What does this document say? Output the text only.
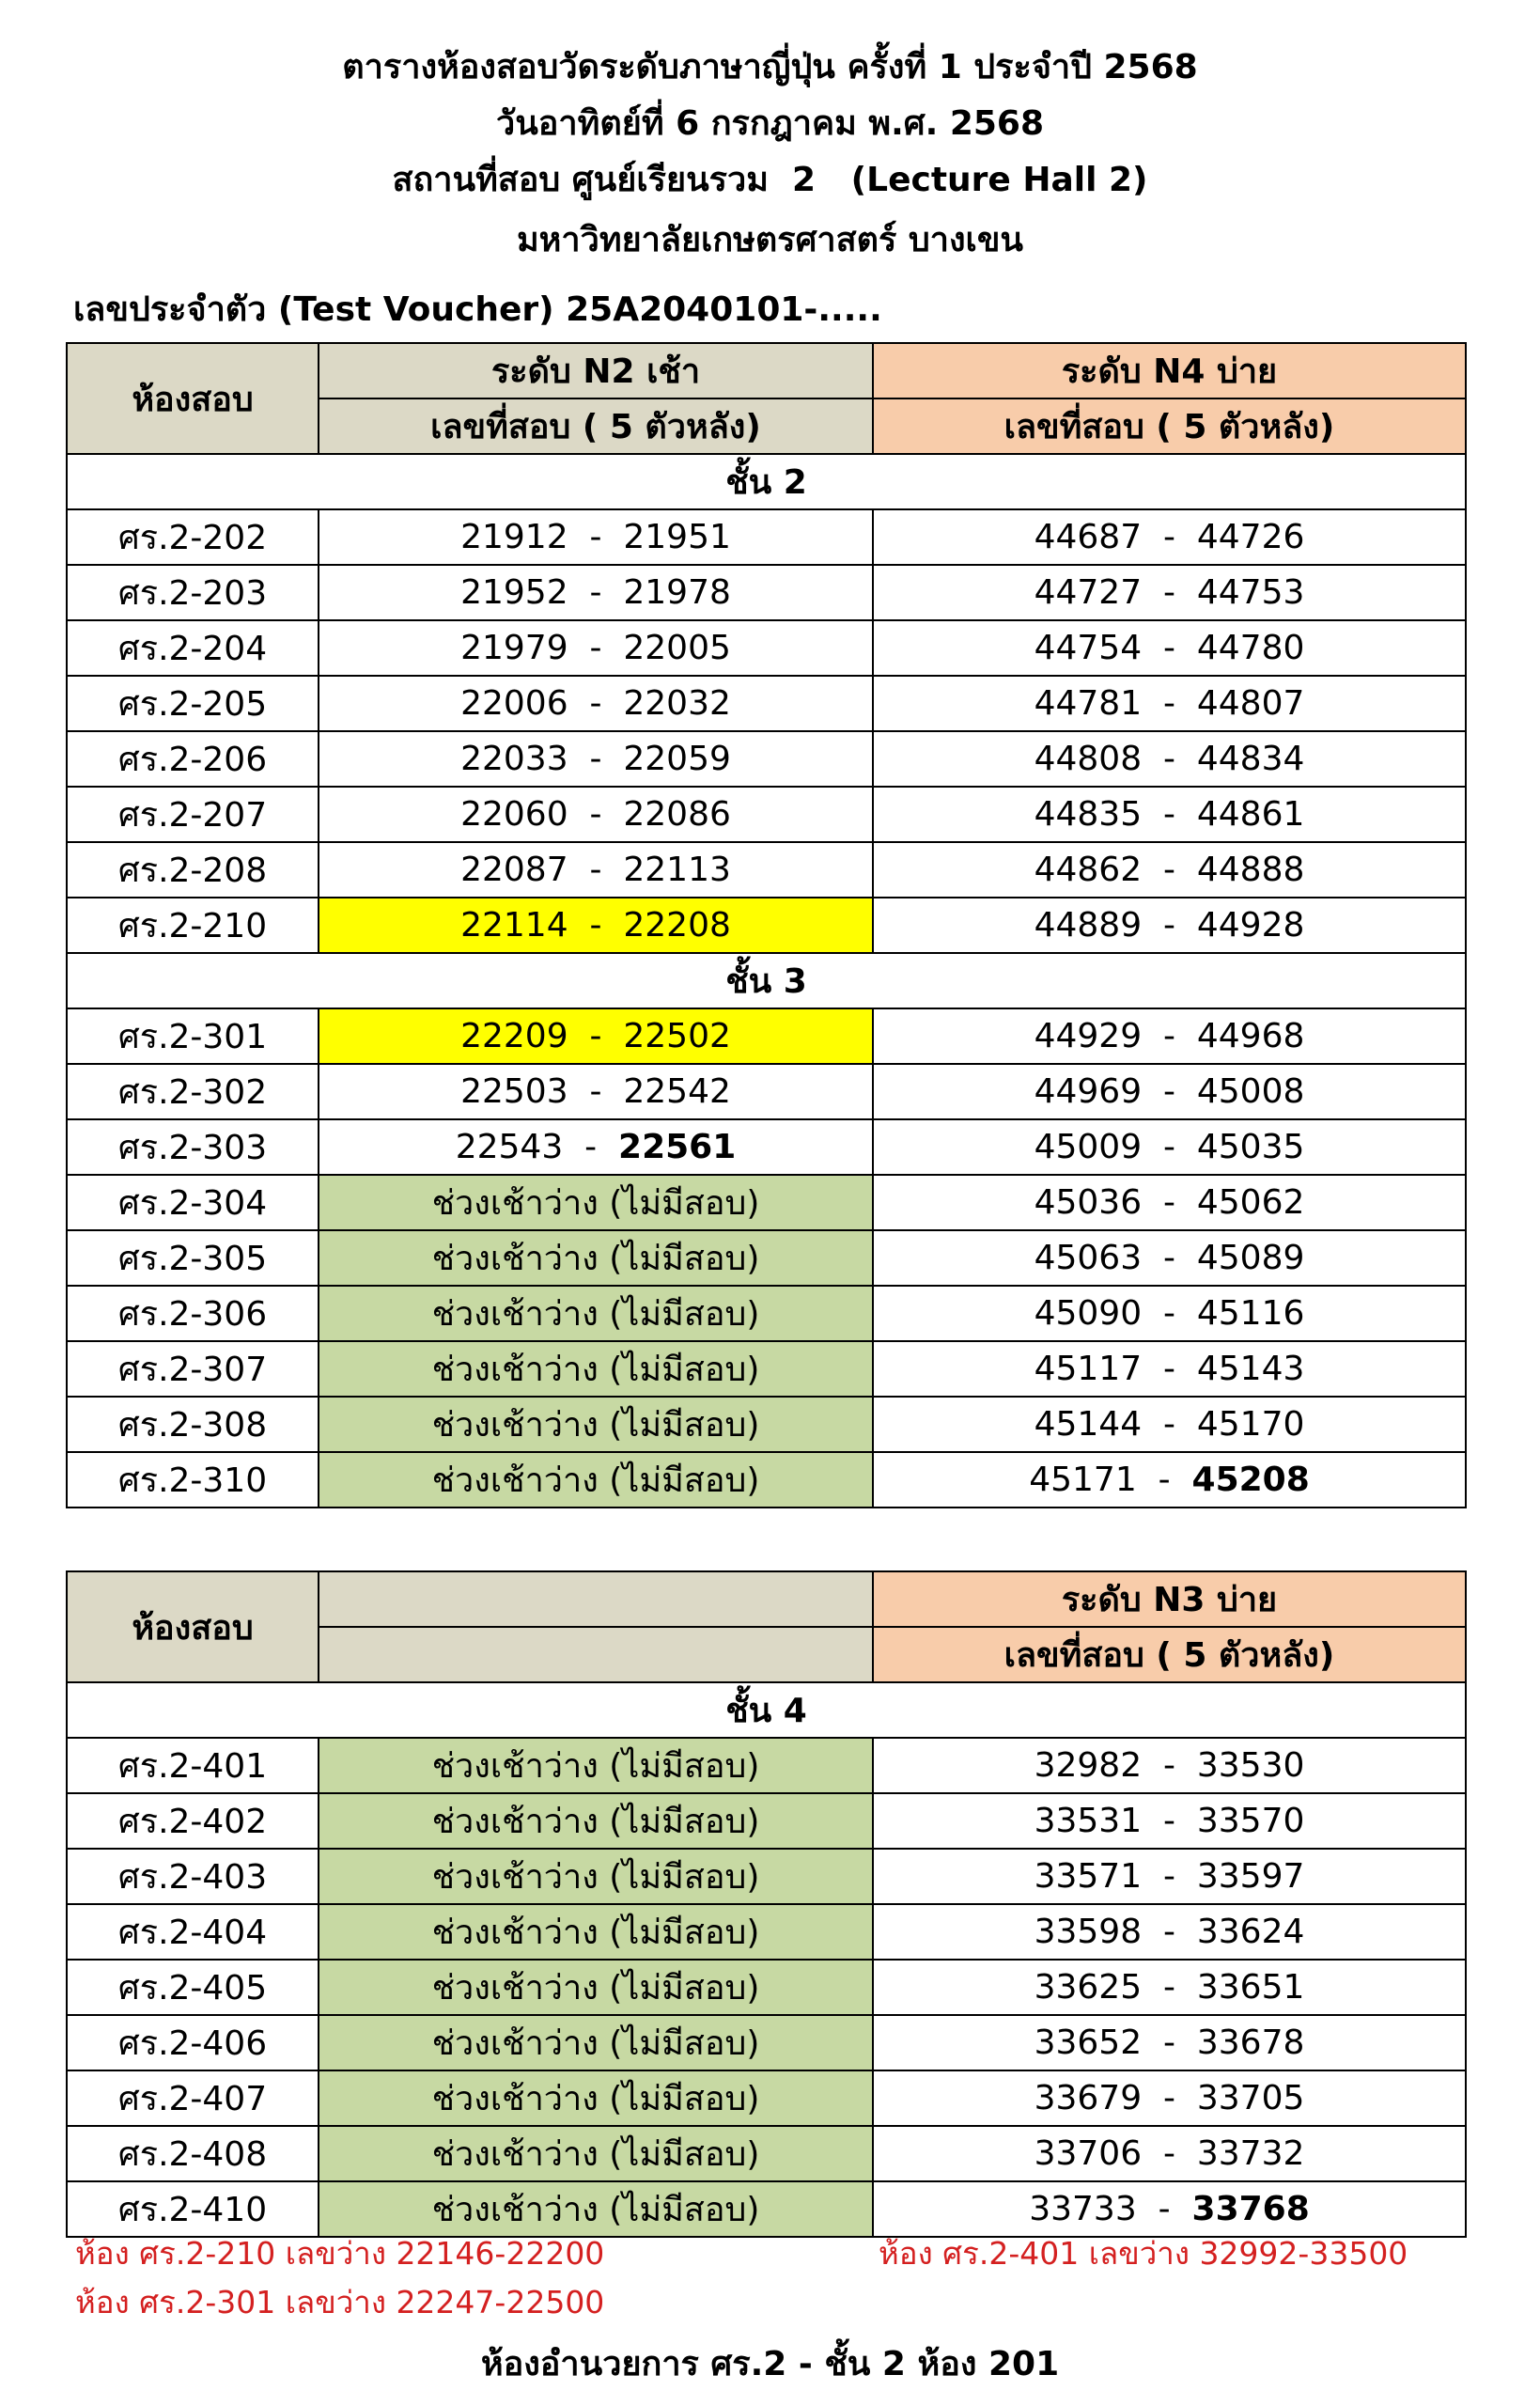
ตารางห้องสอบวัดระดับภาษาญี่ปุ่น ครั้งที่ 1 ประจำปี 2568
วันอาทิตย์ที่ 6 กรกฎาคม พ.ศ. 2568
สถานที่สอบ ศูนย์เรียนรวม  2   (Lecture Hall 2)
มหาวิทยาลัยเกษตรศาสตร์ บางเขน
เลขประจำตัว (Test Voucher) 25A2040101-.....
ห้องสอบ	ระดับ N2 เช้า	ระดับ N4 บ่าย
	เลขที่สอบ ( 5 ตัวหลัง)	เลขที่สอบ ( 5 ตัวหลัง)
ชั้น 2		
ศร.2-202	21912  -  21951	44687  -  44726
ศร.2-203	21952  -  21978	44727  -  44753
ศร.2-204	21979  -  22005	44754  -  44780
ศร.2-205	22006  -  22032	44781  -  44807
ศร.2-206	22033  -  22059	44808  -  44834
ศร.2-207	22060  -  22086	44835  -  44861
ศร.2-208	22087  -  22113	44862  -  44888
ศร.2-210	22114  -  22208	44889  -  44928
ชั้น 3		
ศร.2-301	22209  -  22502	44929  -  44968
ศร.2-302	22503  -  22542	44969  -  45008
ศร.2-303	22543  -  22561	45009  -  45035
ศร.2-304	ช่วงเช้าว่าง (ไม่มีสอบ)	45036  -  45062
ศร.2-305	ช่วงเช้าว่าง (ไม่มีสอบ)	45063  -  45089
ศร.2-306	ช่วงเช้าว่าง (ไม่มีสอบ)	45090  -  45116
ศร.2-307	ช่วงเช้าว่าง (ไม่มีสอบ)	45117  -  45143
ศร.2-308	ช่วงเช้าว่าง (ไม่มีสอบ)	45144  -  45170
ศร.2-310	ช่วงเช้าว่าง (ไม่มีสอบ)	45171  -  45208
ห้องสอบ		ระดับ N3 บ่าย
		เลขที่สอบ ( 5 ตัวหลัง)
ชั้น 4		
ศร.2-401	ช่วงเช้าว่าง (ไม่มีสอบ)	32982  -  33530
ศร.2-402	ช่วงเช้าว่าง (ไม่มีสอบ)	33531  -  33570
ศร.2-403	ช่วงเช้าว่าง (ไม่มีสอบ)	33571  -  33597
ศร.2-404	ช่วงเช้าว่าง (ไม่มีสอบ)	33598  -  33624
ศร.2-405	ช่วงเช้าว่าง (ไม่มีสอบ)	33625  -  33651
ศร.2-406	ช่วงเช้าว่าง (ไม่มีสอบ)	33652  -  33678
ศร.2-407	ช่วงเช้าว่าง (ไม่มีสอบ)	33679  -  33705
ศร.2-408	ช่วงเช้าว่าง (ไม่มีสอบ)	33706  -  33732
ศร.2-410	ช่วงเช้าว่าง (ไม่มีสอบ)	33733  -  33768
ห้อง ศร.2-210 เลขว่าง 22146-22200	ห้อง ศร.2-401 เลขว่าง 32992-33500
ห้อง ศร.2-301 เลขว่าง 22247-22500
ห้องอำนวยการ ศร.2 - ชั้น 2 ห้อง 201
